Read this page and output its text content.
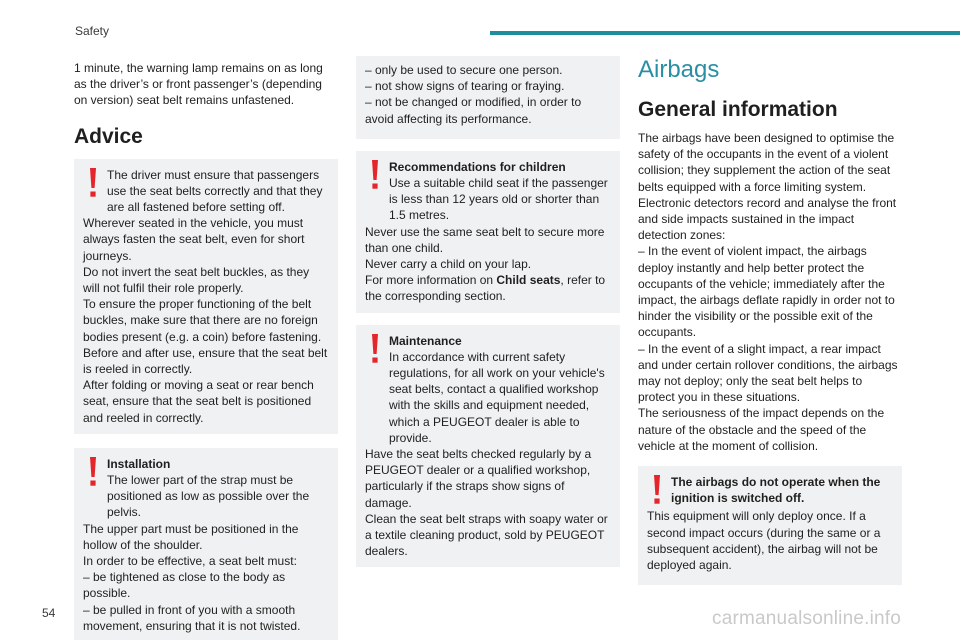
Safety
1 minute, the warning lamp remains on as long as the driver’s or front passenger’s (depending on version) seat belt remains unfastened.
Advice

The driver must ensure that passengers use the seat belts correctly and that they are all fastened before setting off.

Wherever seated in the vehicle, you must always fasten the seat belt, even for short journeys.

Do not invert the seat belt buckles, as they will not fulfil their role properly.

To ensure the proper functioning of the belt buckles, make sure that there are no foreign bodies present (e.g. a coin) before fastening.

Before and after use, ensure that the seat belt is reeled in correctly.

After folding or moving a seat or rear bench seat, ensure that the seat belt is positioned and reeled in correctly.

Installation

The lower part of the strap must be positioned as low as possible over the pelvis.

The upper part must be positioned in the hollow of the shoulder.

In order to be effective, a seat belt must:

– be tightened as close to the body as possible.

– be pulled in front of you with a smooth movement, ensuring that it is not twisted.

– only be used to secure one person.

– not show signs of tearing or fraying.

– not be changed or modified, in order to avoid affecting its performance.

Recommendations for children

Use a suitable child seat if the passenger is less than 12 years old or shorter than 1.5 metres.

Never use the same seat belt to secure more than one child.

Never carry a child on your lap.

For more information on Child seats, refer to the corresponding section.

Maintenance

In accordance with current safety regulations, for all work on your vehicle's seat belts, contact a qualified workshop with the skills and equipment needed, which a PEUGEOT dealer is able to provide.

Have the seat belts checked regularly by a PEUGEOT dealer or a qualified workshop, particularly if the straps show signs of damage.

Clean the seat belt straps with soapy water or a textile cleaning product, sold by PEUGEOT dealers.

Airbags
General information

The airbags have been designed to optimise the safety of the occupants in the event of a violent collision; they supplement the action of the seat belts equipped with a force limiting system.

Electronic detectors record and analyse the front and side impacts sustained in the impact detection zones:

– In the event of violent impact, the airbags deploy instantly and help better protect the occupants of the vehicle; immediately after the impact, the airbags deflate rapidly in order not to hinder the visibility or the possible exit of the occupants.

– In the event of a slight impact, a rear impact and under certain rollover conditions, the airbags may not deploy; only the seat belt helps to protect you in these situations.

The seriousness of the impact depends on the nature of the obstacle and the speed of the vehicle at the moment of collision.

The airbags do not operate when the ignition is switched off.

This equipment will only deploy once. If a second impact occurs (during the same or a subsequent accident), the airbag will not be deployed again.

54	carmanualsonline.info
